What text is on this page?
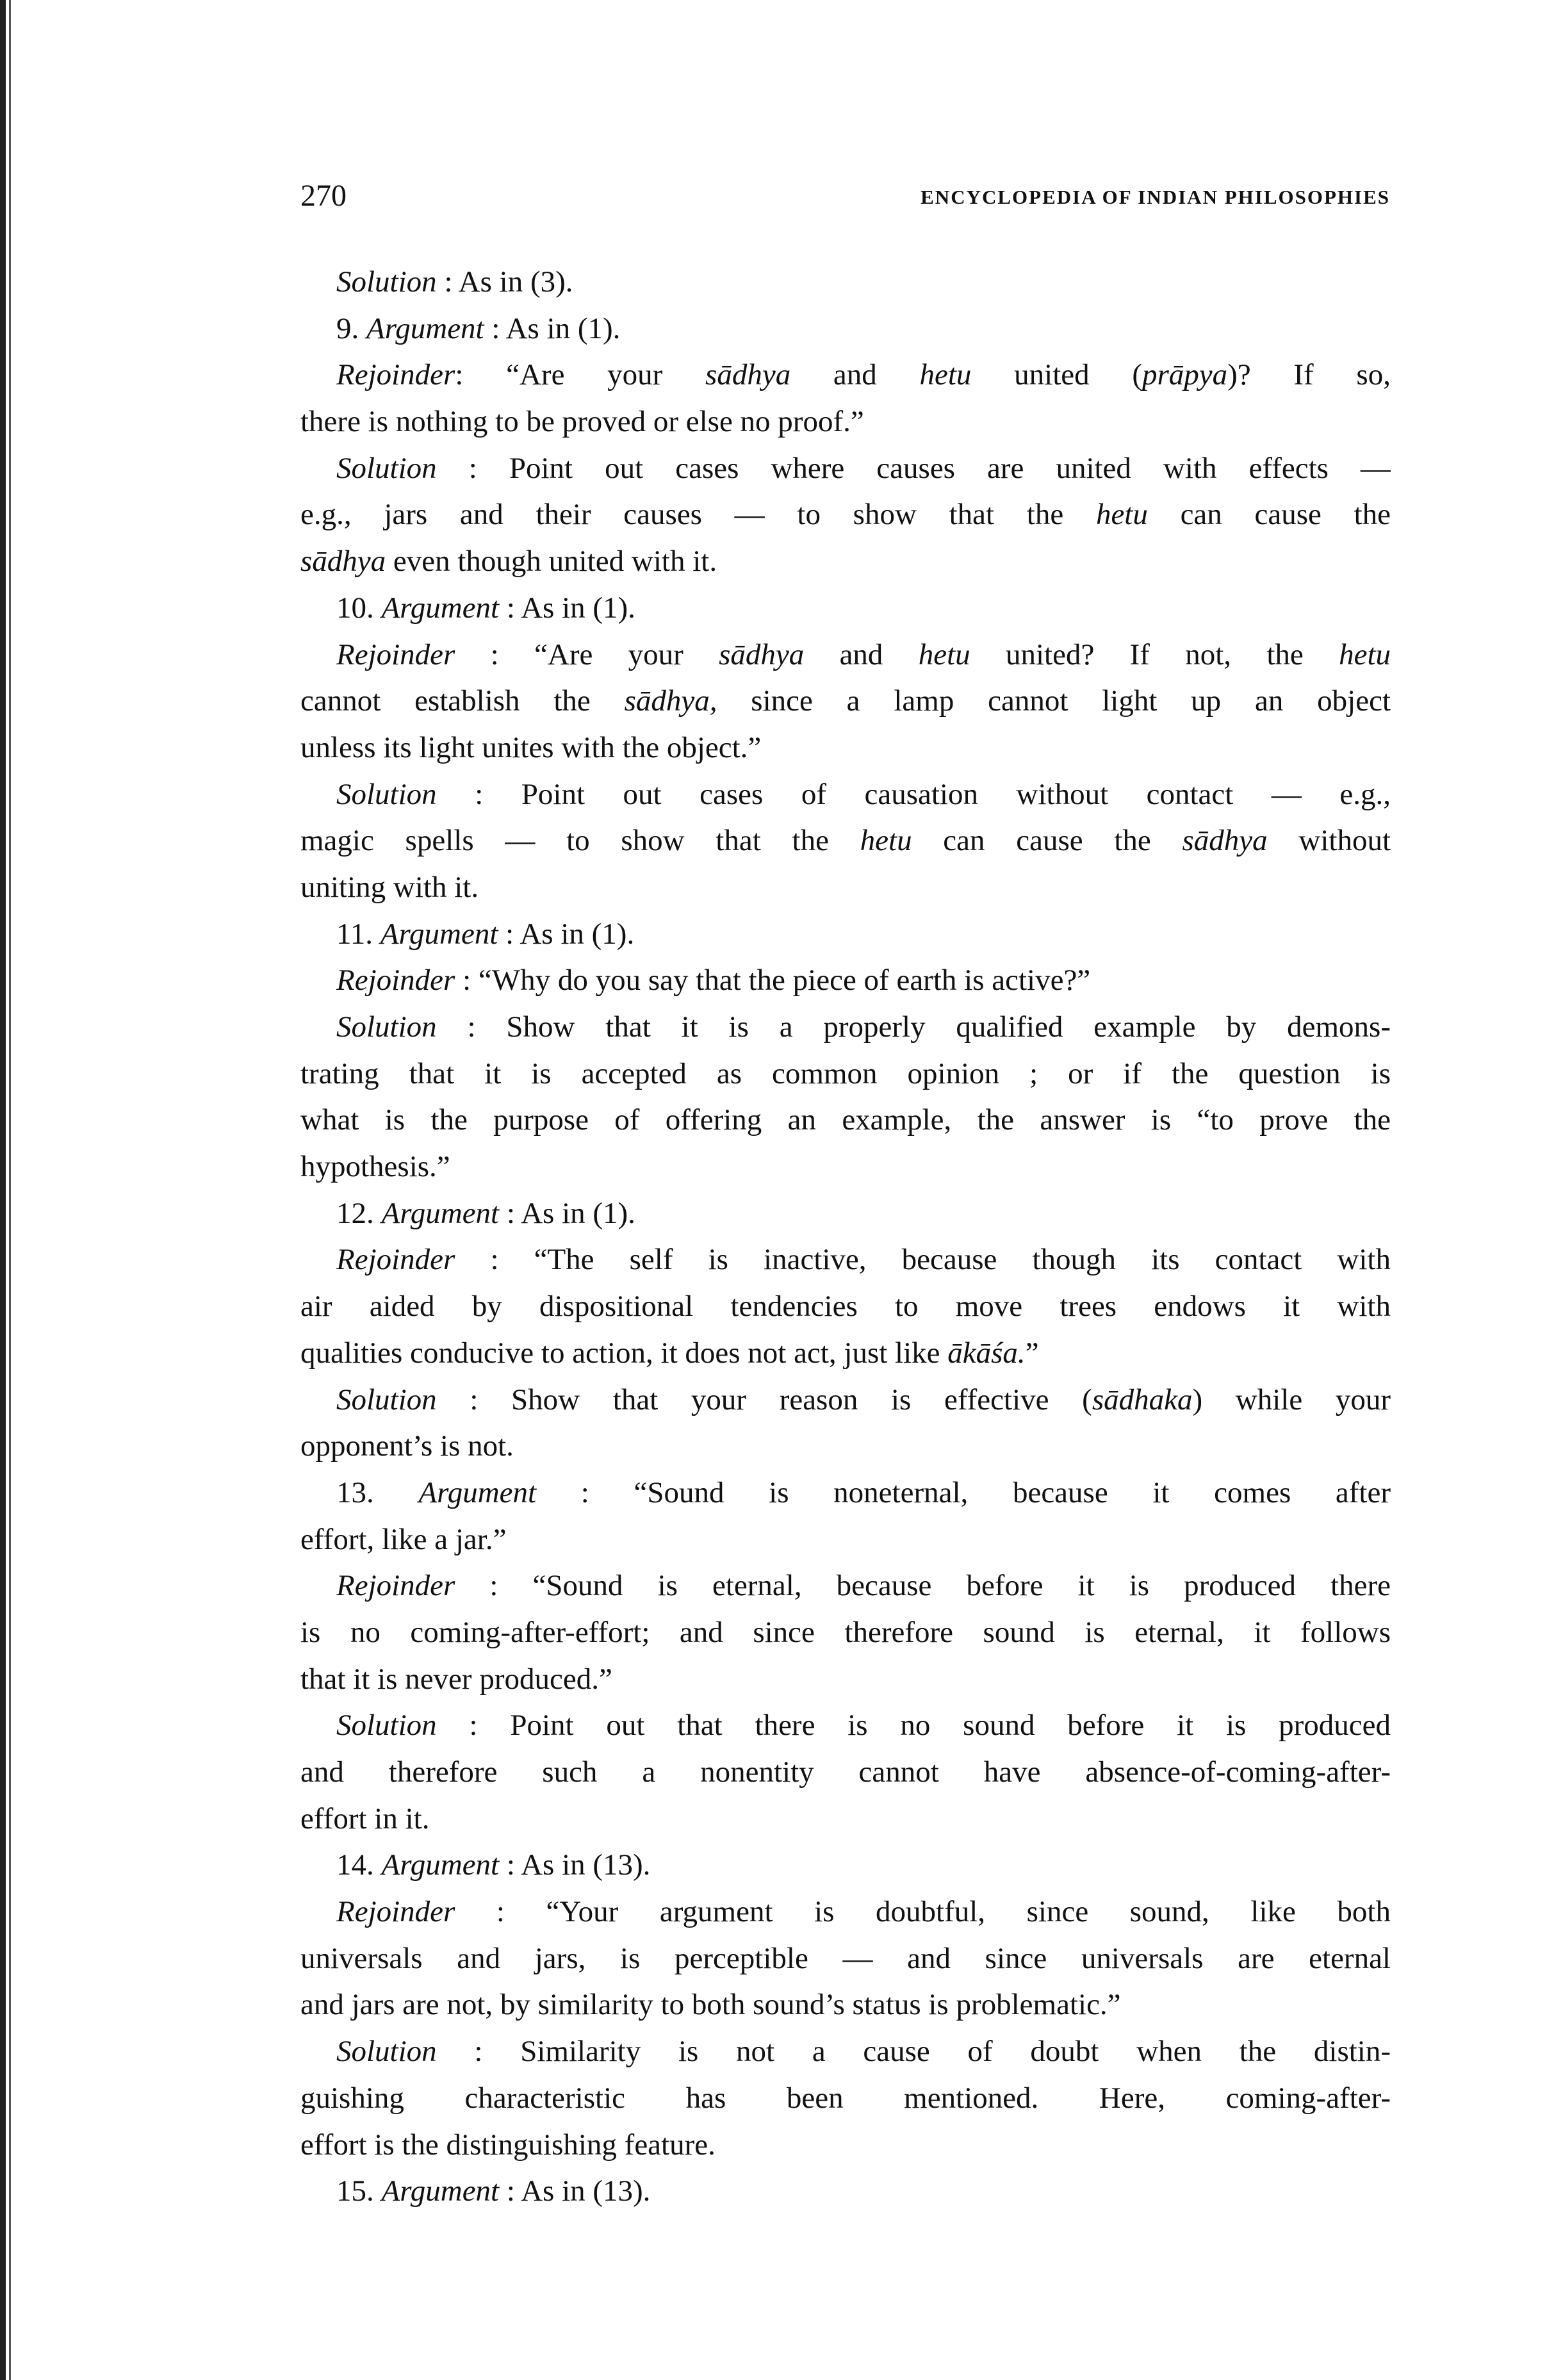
270	ENCYCLOPEDIA OF INDIAN PHILOSOPHIES
Solution : As in (3).
9. Argument : As in (1).
Rejoinder: “Are your sādhya and hetu united (prāpya)? If so,
there is nothing to be proved or else no proof.”
Solution : Point out cases where causes are united with effects —
e.g., jars and their causes — to show that the hetu can cause the
sādhya even though united with it.
10. Argument : As in (1).
Rejoinder : “Are your sādhya and hetu united? If not, the hetu
cannot establish the sādhya, since a lamp cannot light up an object
unless its light unites with the object.”
Solution : Point out cases of causation without contact — e.g.,
magic spells — to show that the hetu can cause the sādhya without
uniting with it.
11. Argument : As in (1).
Rejoinder : “Why do you say that the piece of earth is active?”
Solution : Show that it is a properly qualified example by demons-
trating that it is accepted as common opinion ; or if the question is
what is the purpose of offering an example, the answer is “to prove the
hypothesis.”
12. Argument : As in (1).
Rejoinder : “The self is inactive, because though its contact with
air aided by dispositional tendencies to move trees endows it with
qualities conducive to action, it does not act, just like ākāśa.”
Solution : Show that your reason is effective (sādhaka) while your
opponent’s is not.
13. Argument : “Sound is noneternal, because it comes after
effort, like a jar.”
Rejoinder : “Sound is eternal, because before it is produced there
is no coming-after-effort; and since therefore sound is eternal, it follows
that it is never produced.”
Solution : Point out that there is no sound before it is produced
and therefore such a nonentity cannot have absence-of-coming-after-
effort in it.
14. Argument : As in (13).
Rejoinder : “Your argument is doubtful, since sound, like both
universals and jars, is perceptible — and since universals are eternal
and jars are not, by similarity to both sound’s status is problematic.”
Solution : Similarity is not a cause of doubt when the distin-
guishing characteristic has been mentioned. Here, coming-after-
effort is the distinguishing feature.
15. Argument : As in (13).
